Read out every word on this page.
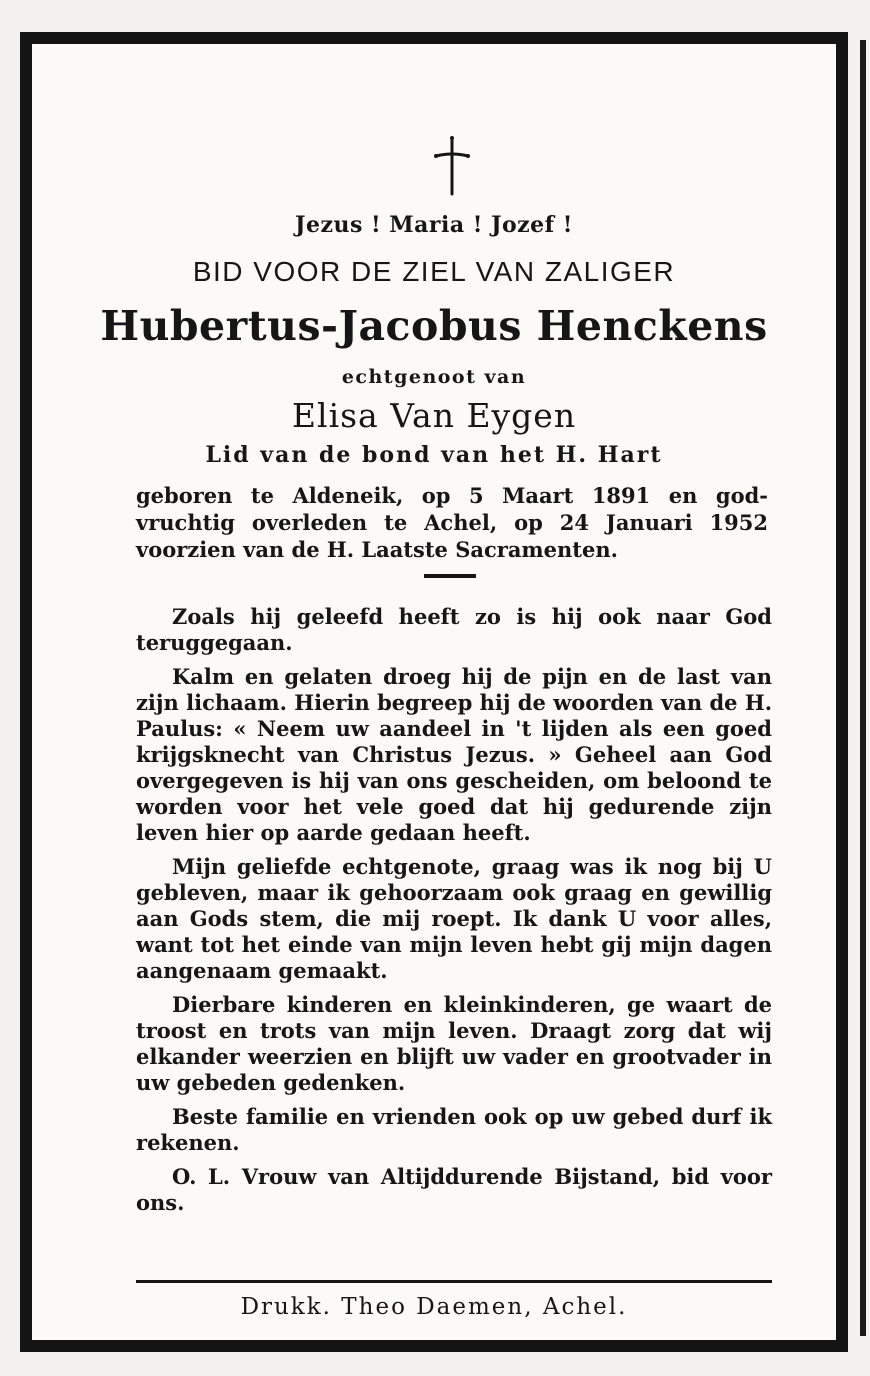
Jezus ! Maria ! Jozef !
BID VOOR DE ZIEL VAN ZALIGER
Hubertus-Jacobus Henckens
echtgenoot van
Elisa Van Eygen
Lid van de bond van het H. Hart
geboren te Aldeneik, op 5 Maart 1891 en god-
vruchtig overleden te Achel, op 24 Januari 1952
voorzien van de H. Laatste Sacramenten.

Zoals hij geleefd heeft zo is hij ook naar God teruggegaan.

Kalm en gelaten droeg hij de pijn en de last van zijn lichaam. Hierin begreep hij de woorden van de H. Paulus: « Neem uw aandeel in 't lijden als een goed krijgsknecht van Christus Jezus. » Geheel aan God overgegeven is hij van ons gescheiden, om beloond te worden voor het vele goed dat hij gedurende zijn leven hier op aarde gedaan heeft.

Mijn geliefde echtgenote, graag was ik nog bij U gebleven, maar ik gehoorzaam ook graag en gewillig aan Gods stem, die mij roept. Ik dank U voor alles, want tot het einde van mijn leven hebt gij mijn dagen aangenaam gemaakt.

Dierbare kinderen en kleinkinderen, ge waart de troost en trots van mijn leven. Draagt zorg dat wij elkander weerzien en blijft uw vader en grootvader in uw gebeden gedenken.

Beste familie en vrienden ook op uw gebed durf ik rekenen.

O. L. Vrouw van Altijddurende Bijstand, bid voor ons.

Drukk. Theo Daemen, Achel.
